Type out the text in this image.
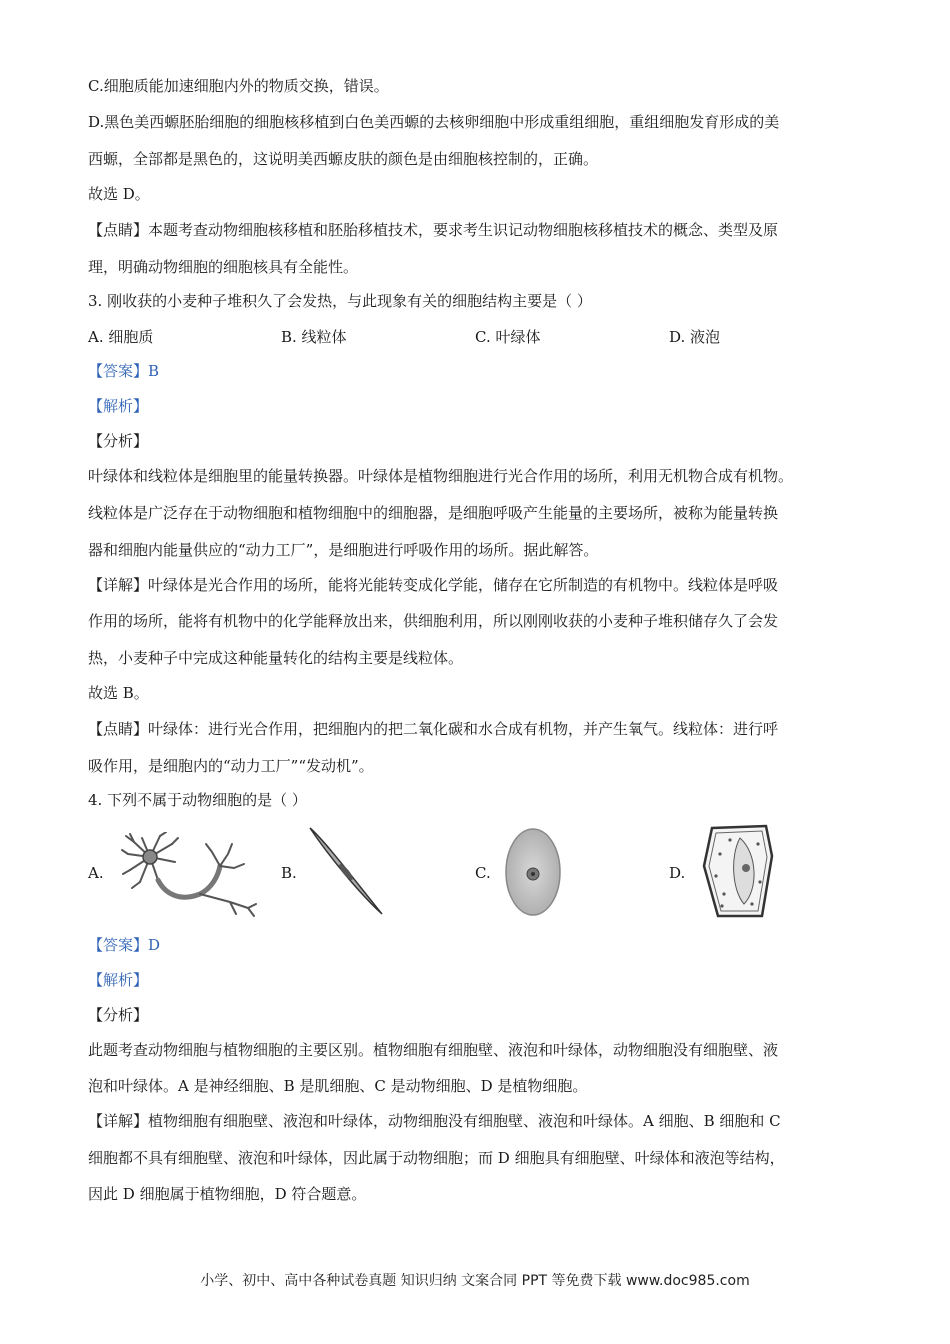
C.细胞质能加速细胞内外的物质交换，错误。
D.黑色美西螈胚胎细胞的细胞核移植到白色美西螈的去核卵细胞中形成重组细胞，重组细胞发育形成的美
西螈，全部都是黑色的，这说明美西螈皮肤的颜色是由细胞核控制的，正确。
故选 D。
【点睛】本题考查动物细胞核移植和胚胎移植技术，要求考生识记动物细胞核移植技术的概念、类型及原
理，明确动物细胞的细胞核具有全能性。
3. 刚收获的小麦种子堆积久了会发热，与此现象有关的细胞结构主要是（ ）
A. 细胞质	B. 线粒体	C. 叶绿体	D. 液泡
【答案】B
【解析】
【分析】
叶绿体和线粒体是细胞里的能量转换器。叶绿体是植物细胞进行光合作用的场所，利用无机物合成有机物。
线粒体是广泛存在于动物细胞和植物细胞中的细胞器，是细胞呼吸产生能量的主要场所，被称为能量转换
器和细胞内能量供应的“动力工厂”，是细胞进行呼吸作用的场所。据此解答。
【详解】叶绿体是光合作用的场所，能将光能转变成化学能，储存在它所制造的有机物中。线粒体是呼吸
作用的场所，能将有机物中的化学能释放出来，供细胞利用，所以刚刚收获的小麦种子堆积储存久了会发
热，小麦种子中完成这种能量转化的结构主要是线粒体。
故选 B。
【点睛】叶绿体：进行光合作用，把细胞内的把二氧化碳和水合成有机物，并产生氧气。线粒体：进行呼
吸作用，是细胞内的“动力工厂”“发动机”。
4. 下列不属于动物细胞的是（ ）
A.	B.	C.	D.
【答案】D
【解析】
【分析】
此题考查动物细胞与植物细胞的主要区别。植物细胞有细胞壁、液泡和叶绿体，动物细胞没有细胞壁、液
泡和叶绿体。A 是神经细胞、B 是肌细胞、C 是动物细胞、D 是植物细胞。
【详解】植物细胞有细胞壁、液泡和叶绿体，动物细胞没有细胞壁、液泡和叶绿体。A 细胞、B 细胞和 C
细胞都不具有细胞壁、液泡和叶绿体，因此属于动物细胞；而 D 细胞具有细胞壁、叶绿体和液泡等结构，
因此 D 细胞属于植物细胞，D 符合题意。
小学、初中、高中各种试卷真题 知识归纳 文案合同 PPT 等免费下载 www.doc985.com
